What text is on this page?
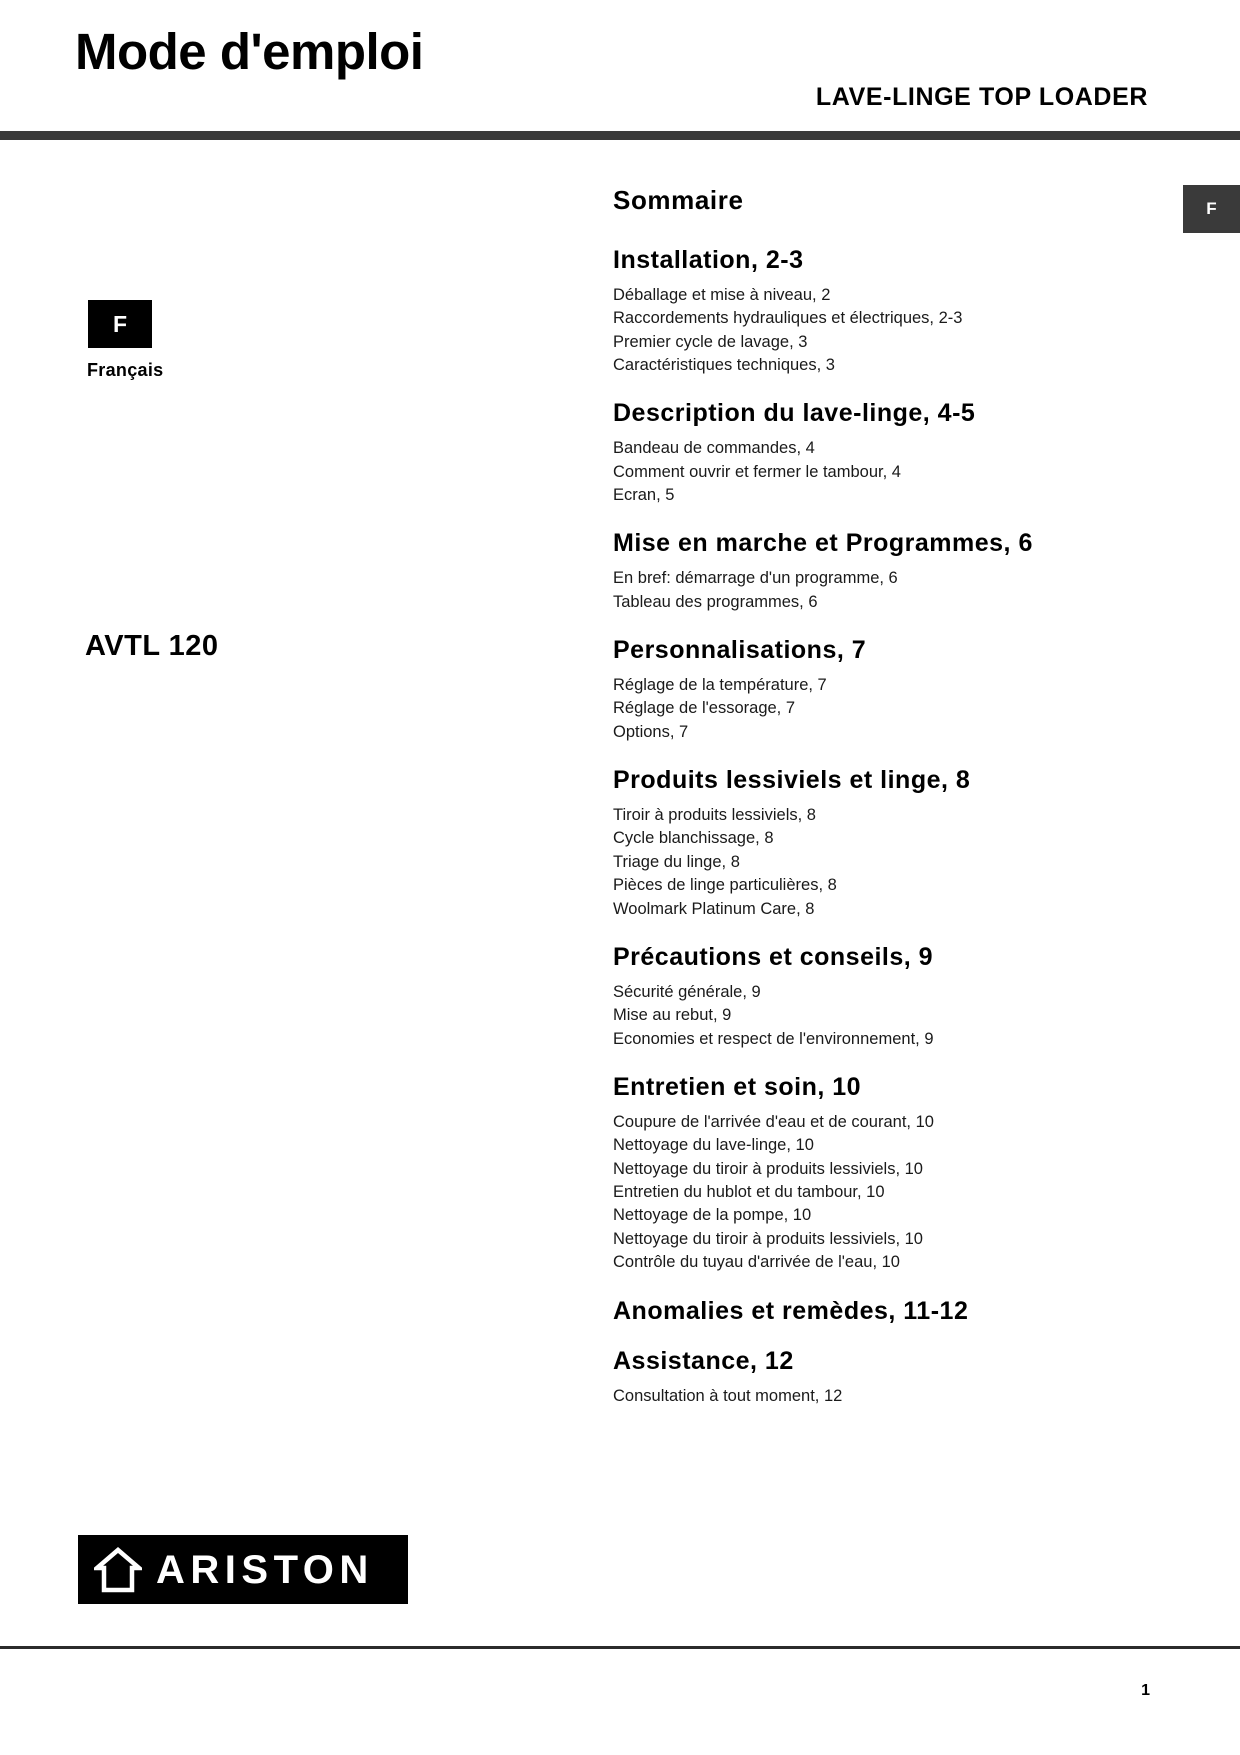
Mode d'emploi
LAVE-LINGE TOP LOADER
F
F
Français
AVTL 120
Sommaire
Installation, 2-3
Déballage et mise à niveau, 2
Raccordements hydrauliques et électriques, 2-3
Premier cycle de lavage, 3
Caractéristiques techniques, 3
Description du lave-linge, 4-5
Bandeau de commandes, 4
Comment ouvrir et fermer le tambour, 4
Ecran, 5
Mise en marche et Programmes, 6
En bref: démarrage d'un programme, 6
Tableau des programmes, 6
Personnalisations, 7
Réglage de la température, 7
Réglage de l'essorage, 7
Options, 7
Produits lessiviels et linge, 8
Tiroir à produits lessiviels, 8
Cycle blanchissage, 8
Triage du linge, 8
Pièces de linge particulières, 8
Woolmark Platinum Care, 8
Précautions et conseils, 9
Sécurité générale, 9
Mise au rebut, 9
Economies et respect de l'environnement, 9
Entretien et soin, 10
Coupure de l'arrivée d'eau et de courant, 10
Nettoyage du lave-linge, 10
Nettoyage du tiroir à produits lessiviels, 10
Entretien du hublot et du tambour, 10
Nettoyage de la pompe, 10
Nettoyage du tiroir à produits lessiviels, 10
Contrôle du tuyau d'arrivée de l'eau, 10
Anomalies et remèdes, 11-12
Assistance, 12
Consultation à tout moment, 12
ARISTON
1
